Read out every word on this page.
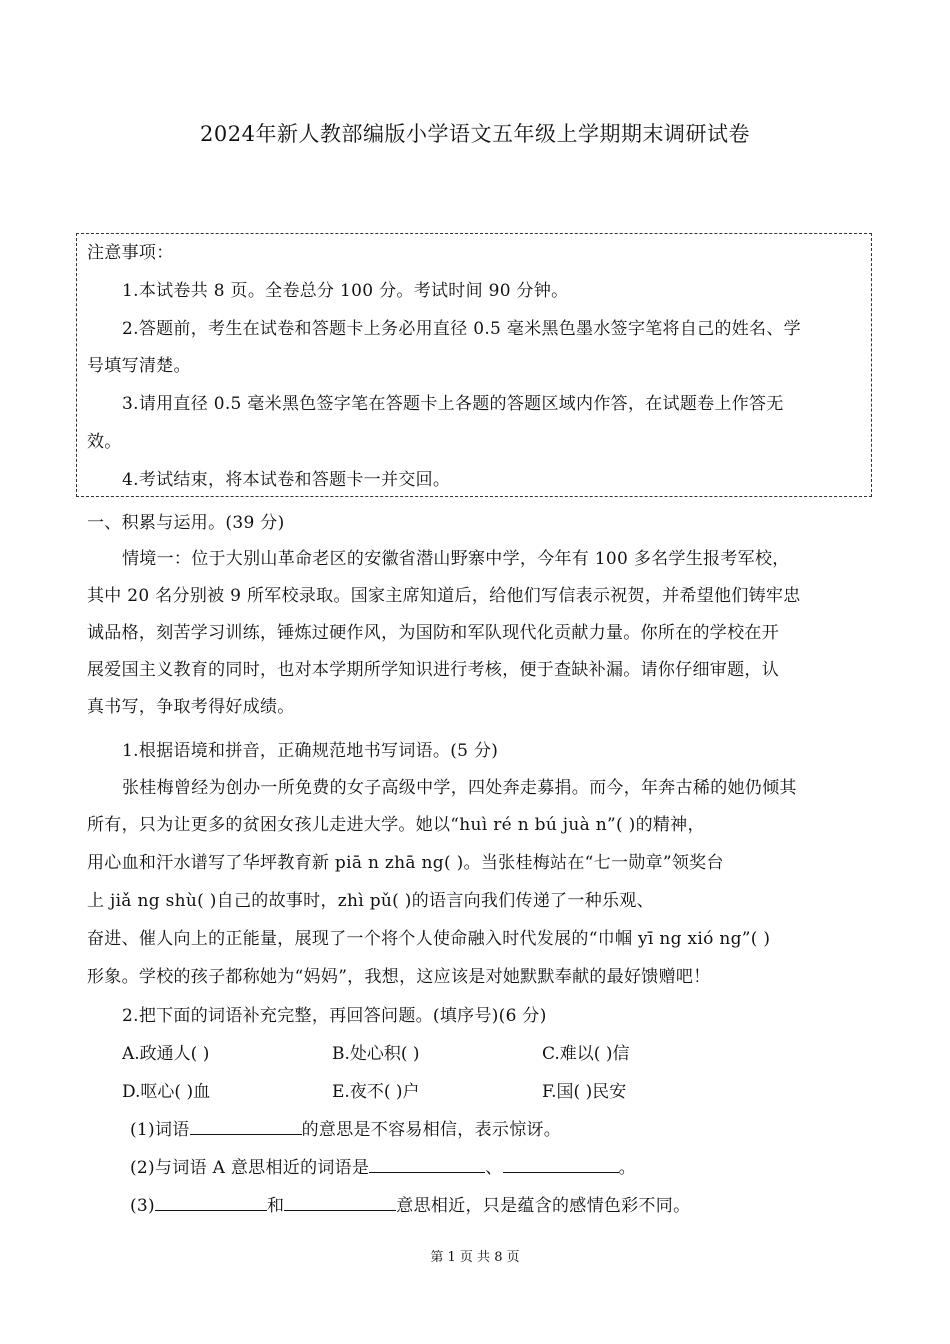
2024年新人教部编版小学语文五年级上学期期末调研试卷
注意事项：
1.本试卷共 8 页。全卷总分 100 分。考试时间 90 分钟。
2.答题前，考生在试卷和答题卡上务必用直径 0.5 毫米黑色墨水签字笔将自己的姓名、学
号填写清楚。
3.请用直径 0.5 毫米黑色签字笔在答题卡上各题的答题区域内作答，在试题卷上作答无
效。
4.考试结束，将本试卷和答题卡一并交回。
一、积累与运用。(39 分)
情境一：位于大别山革命老区的安徽省潜山野寨中学，今年有 100 多名学生报考军校，
其中 20 名分别被 9 所军校录取。国家主席知道后，给他们写信表示祝贺，并希望他们铸牢忠
诚品格，刻苦学习训练，锤炼过硬作风，为国防和军队现代化贡献力量。你所在的学校在开
展爱国主义教育的同时，也对本学期所学知识进行考核，便于查缺补漏。请你仔细审题，认
真书写，争取考得好成绩。
1.根据语境和拼音，正确规范地书写词语。(5 分)
张桂梅曾经为创办一所免费的女子高级中学，四处奔走募捐。而今，年奔古稀的她仍倾其
所有，只为让更多的贫困女孩儿走进大学。她以“huì ré n bú juà n”( )的精神，
用心血和汗水谱写了华坪教育新 piā n zhā ng( )。当张桂梅站在“七一勋章”领奖台
上 jiǎ ng shù( )自己的故事时，zhì pǔ( )的语言向我们传递了一种乐观、
奋进、催人向上的正能量，展现了一个将个人使命融入时代发展的“巾帼 yī ng xió ng”( )
形象。学校的孩子都称她为“妈妈”，我想，这应该是对她默默奉献的最好馈赠吧！
2.把下面的词语补充完整，再回答问题。(填序号)(6 分)
A.政通人( )	B.处心积( )	C.难以( )信
D.呕心( )血	E.夜不( )户	F.国( )民安
(1)词语	的意思是不容易相信，表示惊讶。
(2)与词语 A 意思相近的词语是	、	。
(3)	和	意思相近，只是蕴含的感情色彩不同。
第 1 页 共 8 页
